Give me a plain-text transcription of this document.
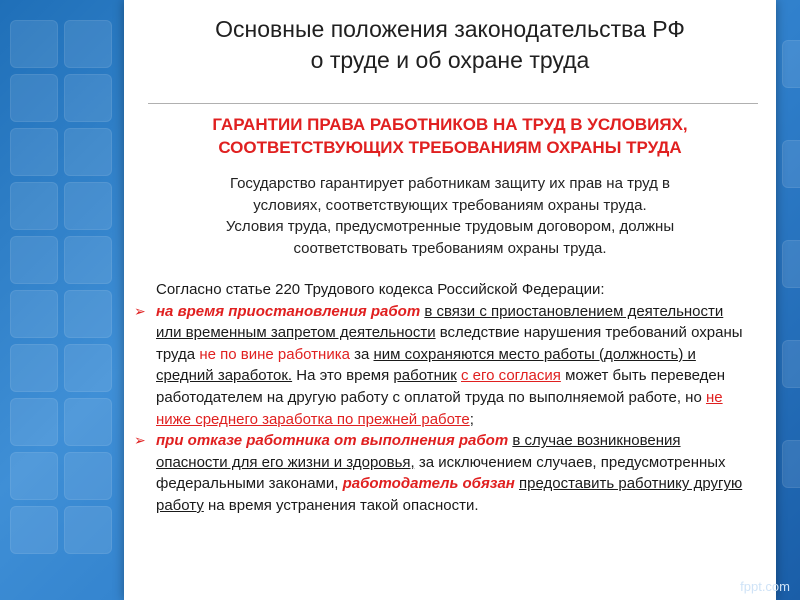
Основные положения законодательства РФ
о труде и об охране труда
ГАРАНТИИ ПРАВА РАБОТНИКОВ НА ТРУД В УСЛОВИЯХ,
СООТВЕТСТВУЮЩИХ ТРЕБОВАНИЯМ ОХРАНЫ ТРУДА

Государство гарантирует работникам защиту их прав на труд в
условиях, соответствующих требованиям охраны труда.
Условия труда, предусмотренные трудовым договором, должны
соответствовать требованиям охраны труда.

Согласно статье 220 Трудового кодекса Российской Федерации:

➢ на время приостановления работ в связи с приостановлением деятельности или временным запретом деятельности вследствие нарушения требований охраны труда не по вине работника за ним сохраняются место работы (должность) и средний заработок. На это время работник с его согласия может быть переведен работодателем на другую работу с оплатой труда по выполняемой работе, но не ниже среднего заработка по прежней работе;

➢ при отказе работника от выполнения работ в случае возникновения опасности для его жизни и здоровья, за исключением случаев, предусмотренных федеральными законами, работодатель обязан предоставить работнику другую работу на время устранения такой опасности.

fppt.com
